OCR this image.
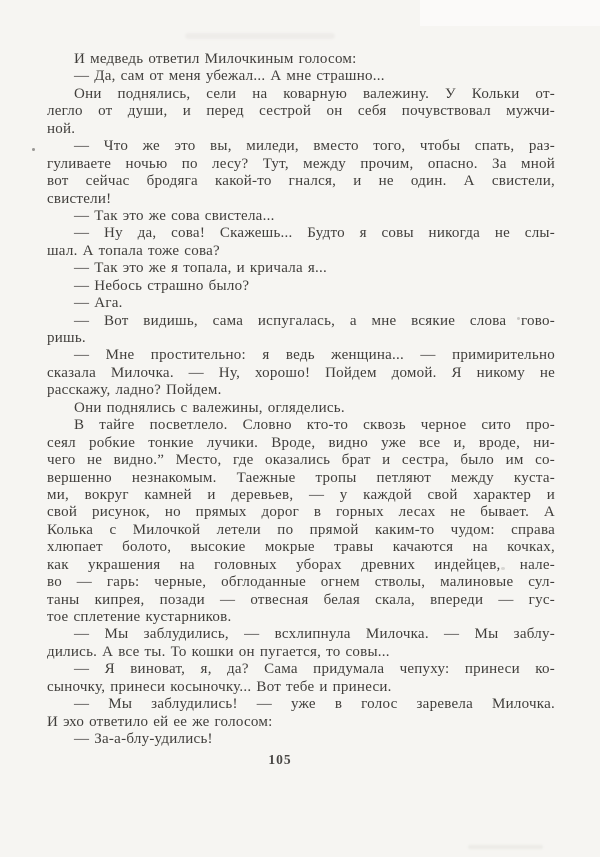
И медведь ответил Милочкиным голосом:
— Да, сам от меня убежал... А мне страшно...
Они поднялись, сели на коварную валежину. У Кольки от-
легло от души, и перед сестрой он себя почувствовал мужчи-
ной.
— Что же это вы, миледи, вместо того, чтобы спать, раз-
гуливаете ночью по лесу? Тут, между прочим, опасно. За мной
вот сейчас бродяга какой-то гнался, и не один. А свистели,
свистели!
— Так это же сова свистела...
— Ну да, сова! Скажешь... Будто я совы никогда не слы-
шал. А топала тоже сова?
— Так это же я топала, и кричала я...
— Небось страшно было?
— Ага.
— Вот видишь, сама испугалась, а мне всякие слова гово-
ришь.
— Мне простительно: я ведь женщина... — примирительно
сказала Милочка. — Ну, хорошо! Пойдем домой. Я никому не
расскажу, ладно? Пойдем.
Они поднялись с валежины, огляделись.
В тайге посветлело. Словно кто-то сквозь черное сито про-
сеял робкие тонкие лучики. Вроде, видно уже все и, вроде, ни-
чего не видно.” Место, где оказались брат и сестра, было им со-
вершенно незнакомым. Таежные тропы петляют между куста-
ми, вокруг камней и деревьев, — у каждой свой характер и
свой рисунок, но прямых дорог в горных лесах не бывает. А
Колька с Милочкой летели по прямой каким-то чудом: справа
хлюпает болото, высокие мокрые травы качаются на кочках,
как украшения на головных уборах древних индейцев, нале-
во — гарь: черные, обглоданные огнем стволы, малиновые сул-
таны кипрея, позади — отвесная белая скала, впереди — гус-
тое сплетение кустарников.
— Мы заблудились, — всхлипнула Милочка. — Мы заблу-
дились. А все ты. То кошки он пугается, то совы...
— Я виноват, я, да? Сама придумала чепуху: принеси ко-
сыночку, принеси косыночку... Вот тебе и принеси.
— Мы заблудились! — уже в голос заревела Милочка.
И эхо ответило ей ее же голосом:
— За-а-блу-удились!
105
